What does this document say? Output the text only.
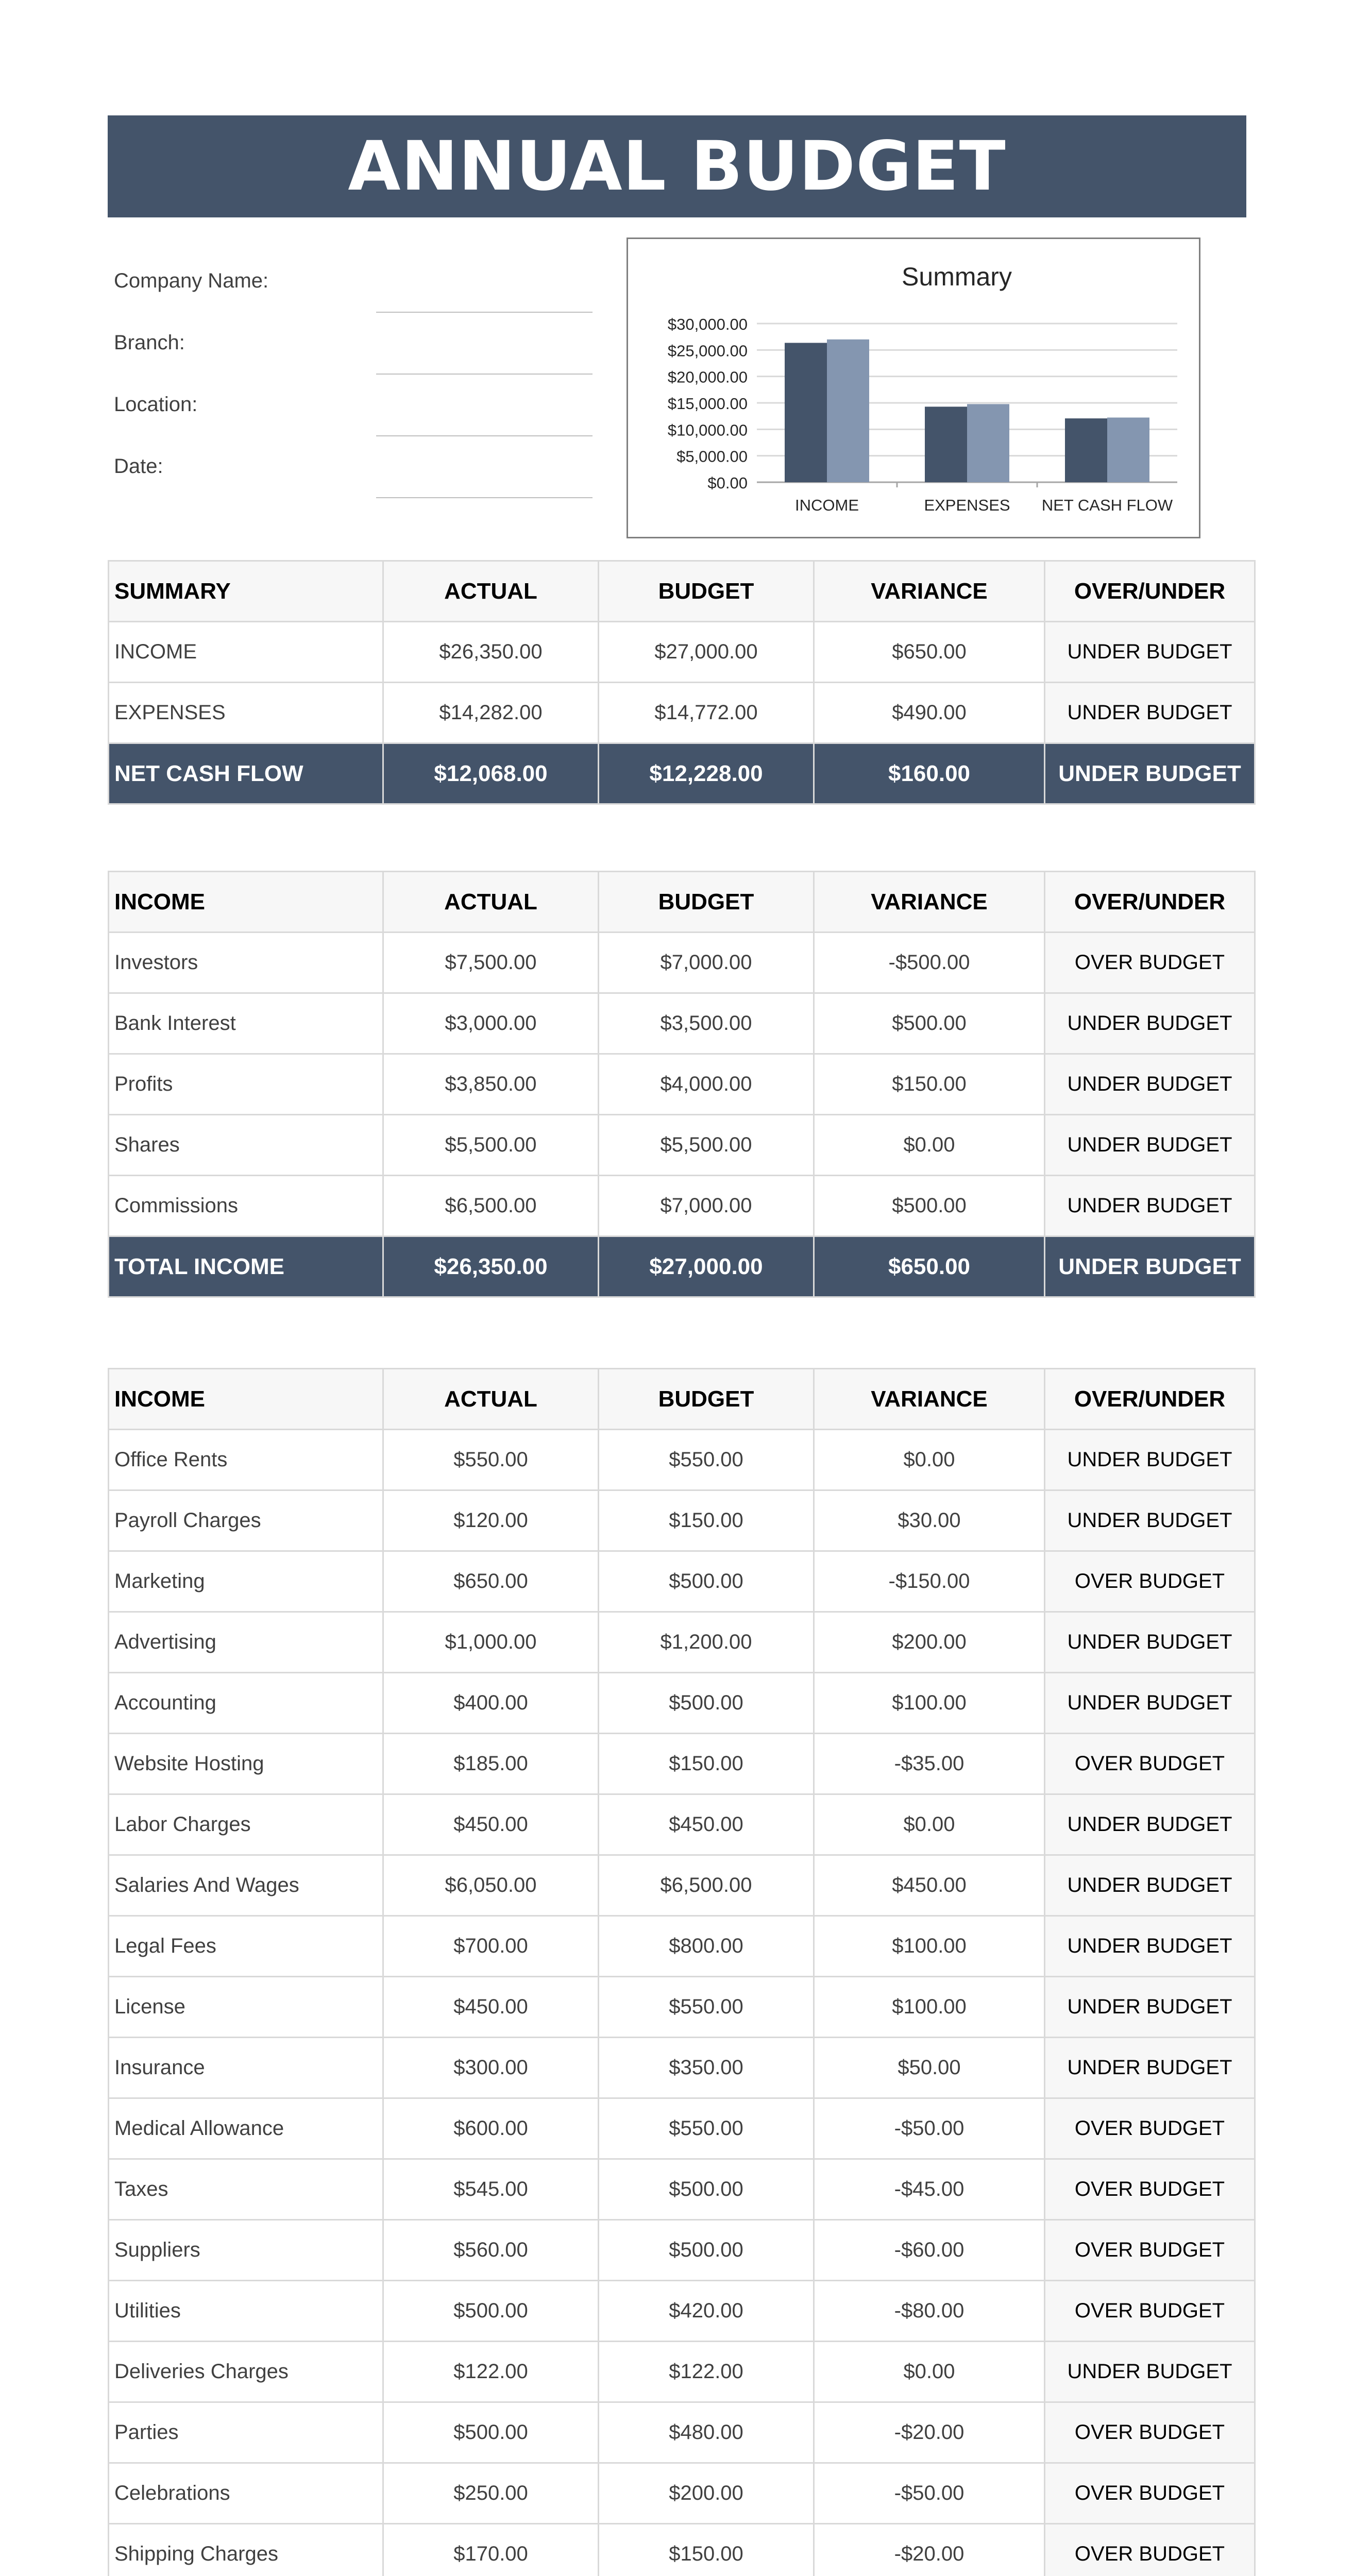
ANNUAL BUDGET
Company Name:
Branch:
Location:
Date:
Summary
$0.00
$5,000.00
$10,000.00
$15,000.00
$20,000.00
$25,000.00
$30,000.00
INCOME	EXPENSES NET CASH FLOW
SUMMARY	ACTUAL	BUDGET	VARIANCE	OVER/UNDER
INCOME	$26,350.00	$27,000.00	$650.00	UNDER BUDGET
EXPENSES	$14,282.00	$14,772.00	$490.00	UNDER BUDGET
NET CASH FLOW	$12,068.00	$12,228.00	$160.00	UNDER BUDGET
INCOME	ACTUAL	BUDGET	VARIANCE	OVER/UNDER
Investors	$7,500.00	$7,000.00	-$500.00	OVER BUDGET
Bank Interest	$3,000.00	$3,500.00	$500.00	UNDER BUDGET
Profits	$3,850.00	$4,000.00	$150.00	UNDER BUDGET
Shares	$5,500.00	$5,500.00	$0.00	UNDER BUDGET
Commissions	$6,500.00	$7,000.00	$500.00	UNDER BUDGET
TOTAL INCOME	$26,350.00	$27,000.00	$650.00	UNDER BUDGET
INCOME	ACTUAL	BUDGET	VARIANCE	OVER/UNDER
Office Rents	$550.00	$550.00	$0.00	UNDER BUDGET
Payroll Charges	$120.00	$150.00	$30.00	UNDER BUDGET
Marketing	$650.00	$500.00	-$150.00	OVER BUDGET
Advertising	$1,000.00	$1,200.00	$200.00	UNDER BUDGET
Accounting	$400.00	$500.00	$100.00	UNDER BUDGET
Website Hosting	$185.00	$150.00	-$35.00	OVER BUDGET
Labor Charges	$450.00	$450.00	$0.00	UNDER BUDGET
Salaries And Wages	$6,050.00	$6,500.00	$450.00	UNDER BUDGET
Legal Fees	$700.00	$800.00	$100.00	UNDER BUDGET
License	$450.00	$550.00	$100.00	UNDER BUDGET
Insurance	$300.00	$350.00	$50.00	UNDER BUDGET
Medical Allowance	$600.00	$550.00	-$50.00	OVER BUDGET
Taxes	$545.00	$500.00	-$45.00	OVER BUDGET
Suppliers	$560.00	$500.00	-$60.00	OVER BUDGET
Utilities	$500.00	$420.00	-$80.00	OVER BUDGET
Deliveries Charges	$122.00	$122.00	$0.00	UNDER BUDGET
Parties	$500.00	$480.00	-$20.00	OVER BUDGET
Celebrations	$250.00	$200.00	-$50.00	OVER BUDGET
Shipping Charges	$170.00	$150.00	-$20.00	OVER BUDGET
